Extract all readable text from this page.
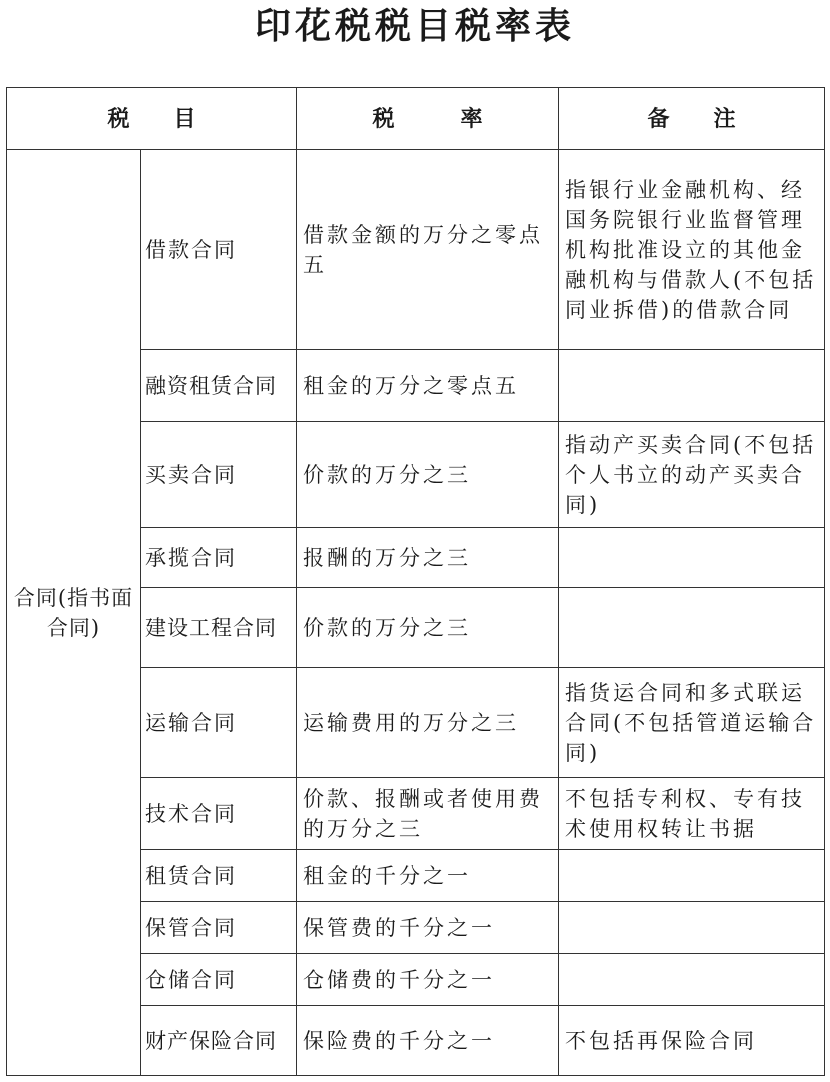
印花税税目税率表
税　　目		税　　　率	备　　注
合同(指书面合同)	借款合同	借款金额的万分之零点五	指银行业金融机构、经国务院银行业监督管理机构批准设立的其他金融机构与借款人(不包括同业拆借)的借款合同
	融资租赁合同	租金的万分之零点五	
	买卖合同	价款的万分之三	指动产买卖合同(不包括个人书立的动产买卖合同)
	承揽合同	报酬的万分之三	
	建设工程合同	价款的万分之三	
	运输合同	运输费用的万分之三	指货运合同和多式联运合同(不包括管道运输合同)
	技术合同	价款、报酬或者使用费的万分之三	不包括专利权、专有技术使用权转让书据
	租赁合同	租金的千分之一	
	保管合同	保管费的千分之一	
	仓储合同	仓储费的千分之一	
	财产保险合同	保险费的千分之一	不包括再保险合同
